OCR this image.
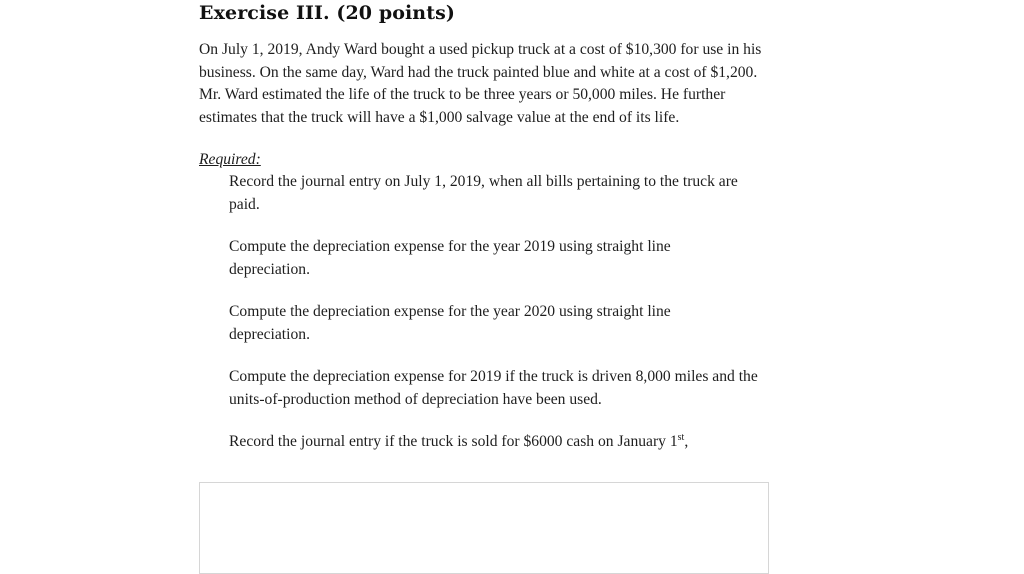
Exercise III. (20 points)

On July 1, 2019, Andy Ward bought a used pickup truck at a cost of $10,300 for use in his business. On the same day, Ward had the truck painted blue and white at a cost of $1,200. Mr. Ward estimated the life of the truck to be three years or 50,000 miles. He further estimates that the truck will have a $1,000 salvage value at the end of its life.

Required:
Record the journal entry on July 1, 2019, when all bills pertaining to the truck are paid.
Compute the depreciation expense for the year 2019 using straight line depreciation.
Compute the depreciation expense for the year 2020 using straight line depreciation.
Compute the depreciation expense for 2019 if the truck is driven 8,000 miles and the units-of-production method of depreciation have been used.
Record the journal entry if the truck is sold for $6000 cash on January 1st,
